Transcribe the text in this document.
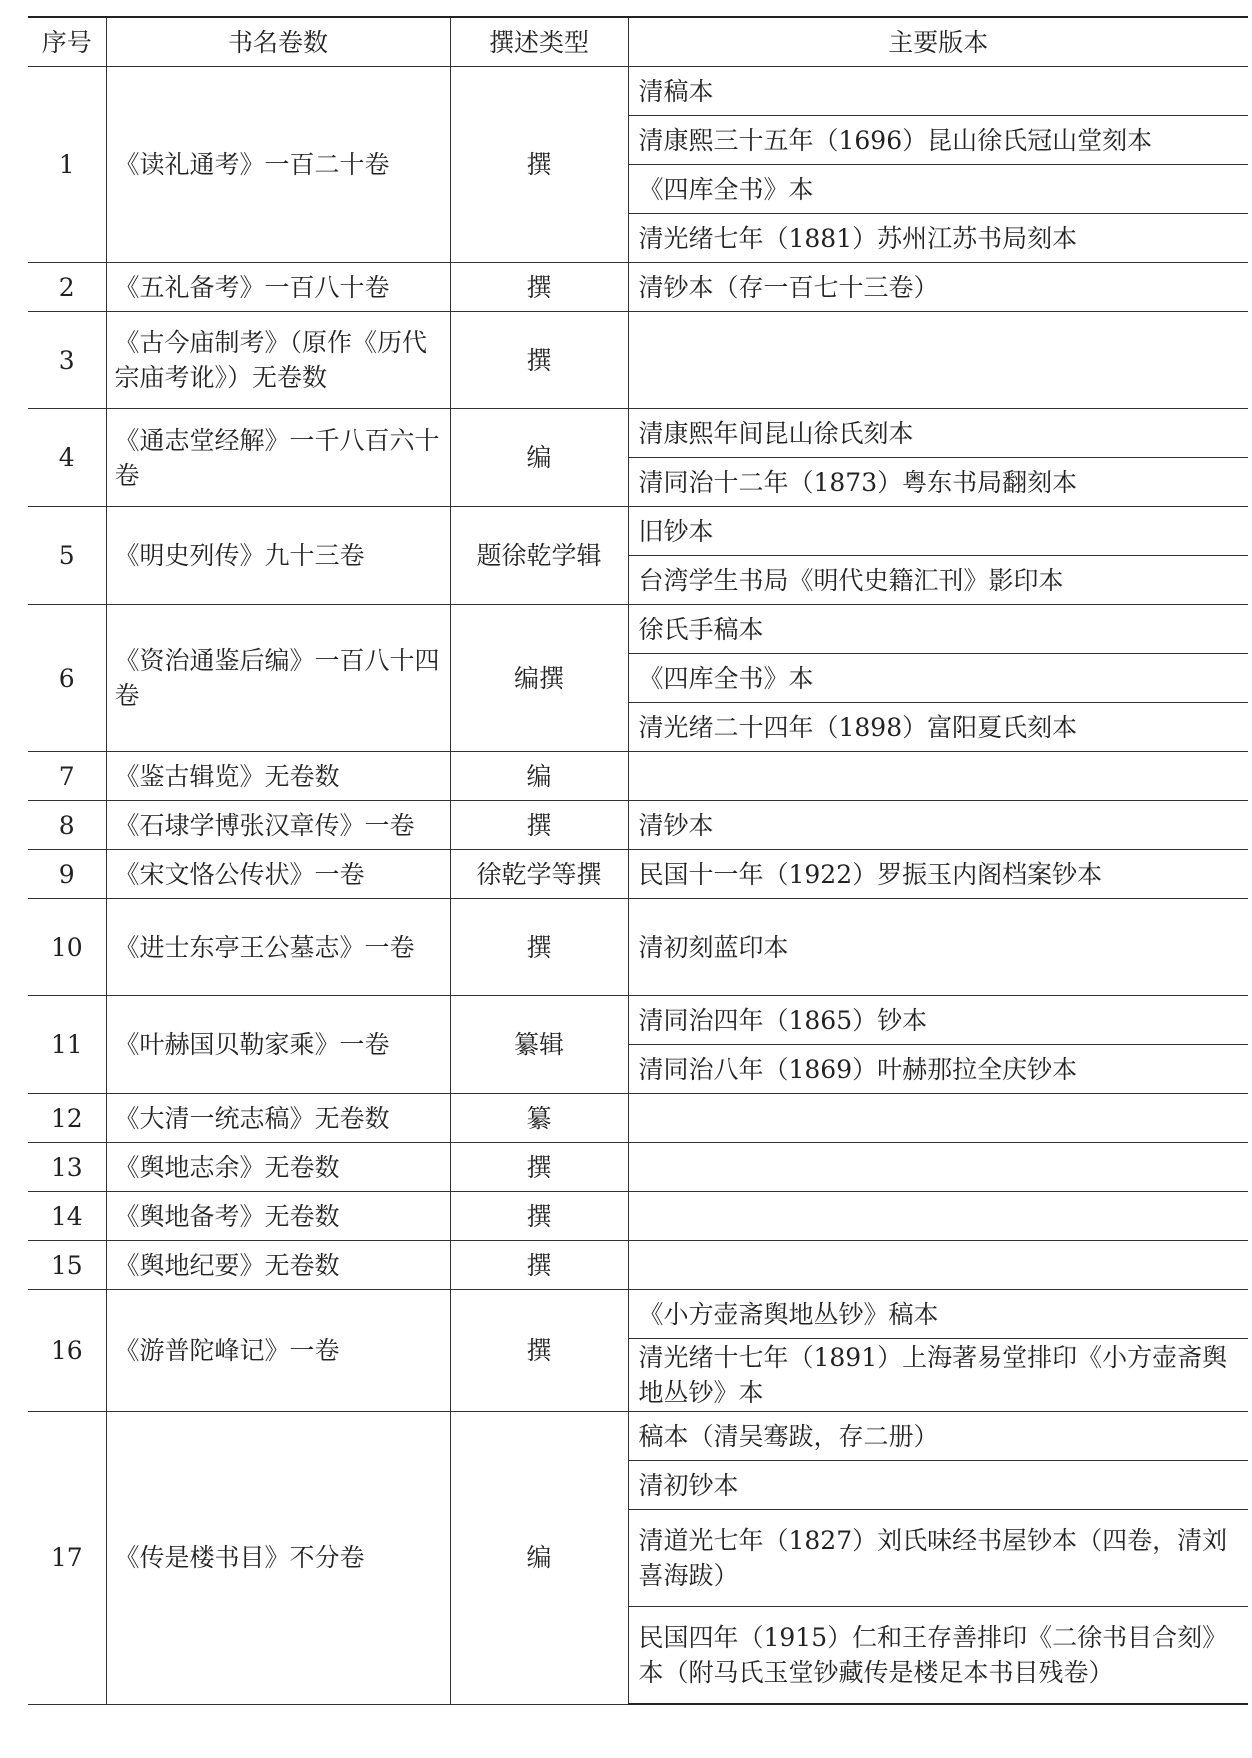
序号	书名卷数	撰述类型	主要版本
1	《读礼通考》一百二十卷	撰	清稿本
			清康熙三十五年（1696）昆山徐氏冠山堂刻本
			《四库全书》本
			清光绪七年（1881）苏州江苏书局刻本
2	《五礼备考》一百八十卷	撰	清钞本（存一百七十三卷）
3	《古今庙制考》（原作《历代宗庙考讹》）无卷数	撰	
4	《通志堂经解》一千八百六十卷	编	清康熙年间昆山徐氏刻本
			清同治十二年（1873）粤东书局翻刻本
5	《明史列传》九十三卷	题徐乾学辑	旧钞本
			台湾学生书局《明代史籍汇刊》影印本
6	《资治通鉴后编》一百八十四卷	编撰	徐氏手稿本
			《四库全书》本
			清光绪二十四年（1898）富阳夏氏刻本
7	《鉴古辑览》无卷数	编	
8	《石埭学博张汉章传》一卷	撰	清钞本
9	《宋文恪公传状》一卷	徐乾学等撰	民国十一年（1922）罗振玉内阁档案钞本
10	《进士东亭王公墓志》一卷	撰	清初刻蓝印本
11	《叶赫国贝勒家乘》一卷	纂辑	清同治四年（1865）钞本
			清同治八年（1869）叶赫那拉全庆钞本
12	《大清一统志稿》无卷数	纂	
13	《舆地志余》无卷数	撰	
14	《舆地备考》无卷数	撰	
15	《舆地纪要》无卷数	撰	
16	《游普陀峰记》一卷	撰	《小方壶斋舆地丛钞》稿本
			清光绪十七年（1891）上海著易堂排印《小方壶斋舆地丛钞》本
17	《传是楼书目》不分卷	编	稿本（清吴骞跋，存二册）
			清初钞本
			清道光七年（1827）刘氏味经书屋钞本（四卷，清刘喜海跋）
			民国四年（1915）仁和王存善排印《二徐书目合刻》本（附马氏玉堂钞藏传是楼足本书目残卷）
